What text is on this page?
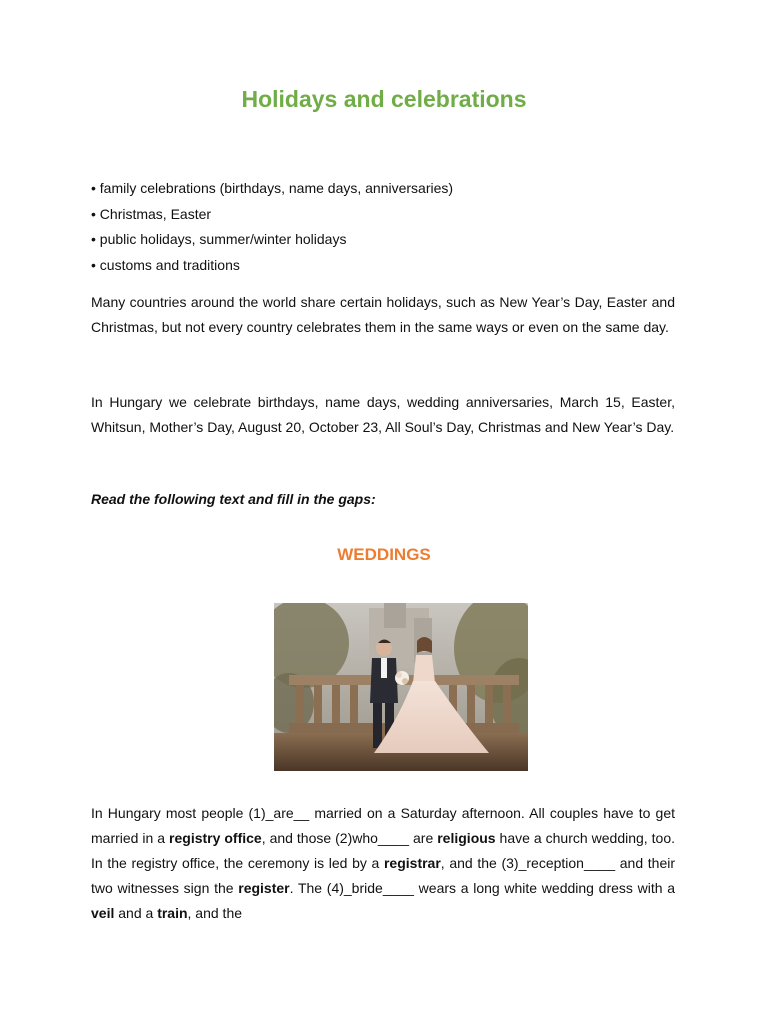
Holidays and celebrations
• family celebrations (birthdays, name days, anniversaries)
• Christmas, Easter
• public holidays, summer/winter holidays
• customs and traditions

Many countries around the world share certain holidays, such as New Year’s Day, Easter and Christmas, but not every country celebrates them in the same ways or even on the same day.

In Hungary we celebrate birthdays, name days, wedding anniversaries, March 15, Easter, Whitsun, Mother’s Day, August 20, October 23, All Soul’s Day, Christmas and New Year’s Day.

Read the following text and fill in the gaps:

WEDDINGS

In Hungary most people (1)_are__ married on a Saturday afternoon. All couples have to get married in a registry office, and those (2)who____ are religious have a church wedding, too. In the registry office, the ceremony is led by a registrar, and the (3)_reception____ and their two witnesses sign the register. The (4)_bride____ wears a long white wedding dress with a veil and a train, and the
